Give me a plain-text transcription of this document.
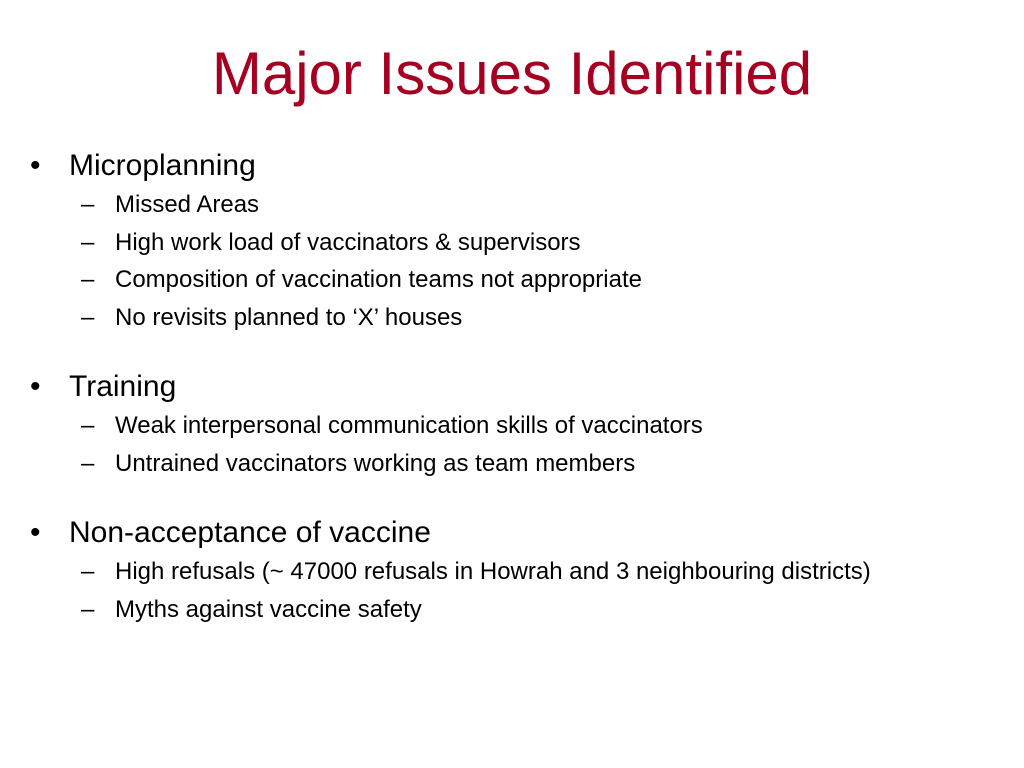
Major Issues Identified
• Microplanning
– Missed Areas
– High work load of vaccinators & supervisors
– Composition of vaccination teams not appropriate
– No revisits planned to ‘X’ houses
• Training
– Weak interpersonal communication skills of vaccinators
– Untrained vaccinators working as team members
• Non-acceptance of vaccine
– High refusals (~ 47000 refusals in Howrah and 3 neighbouring districts)
– Myths against vaccine safety
